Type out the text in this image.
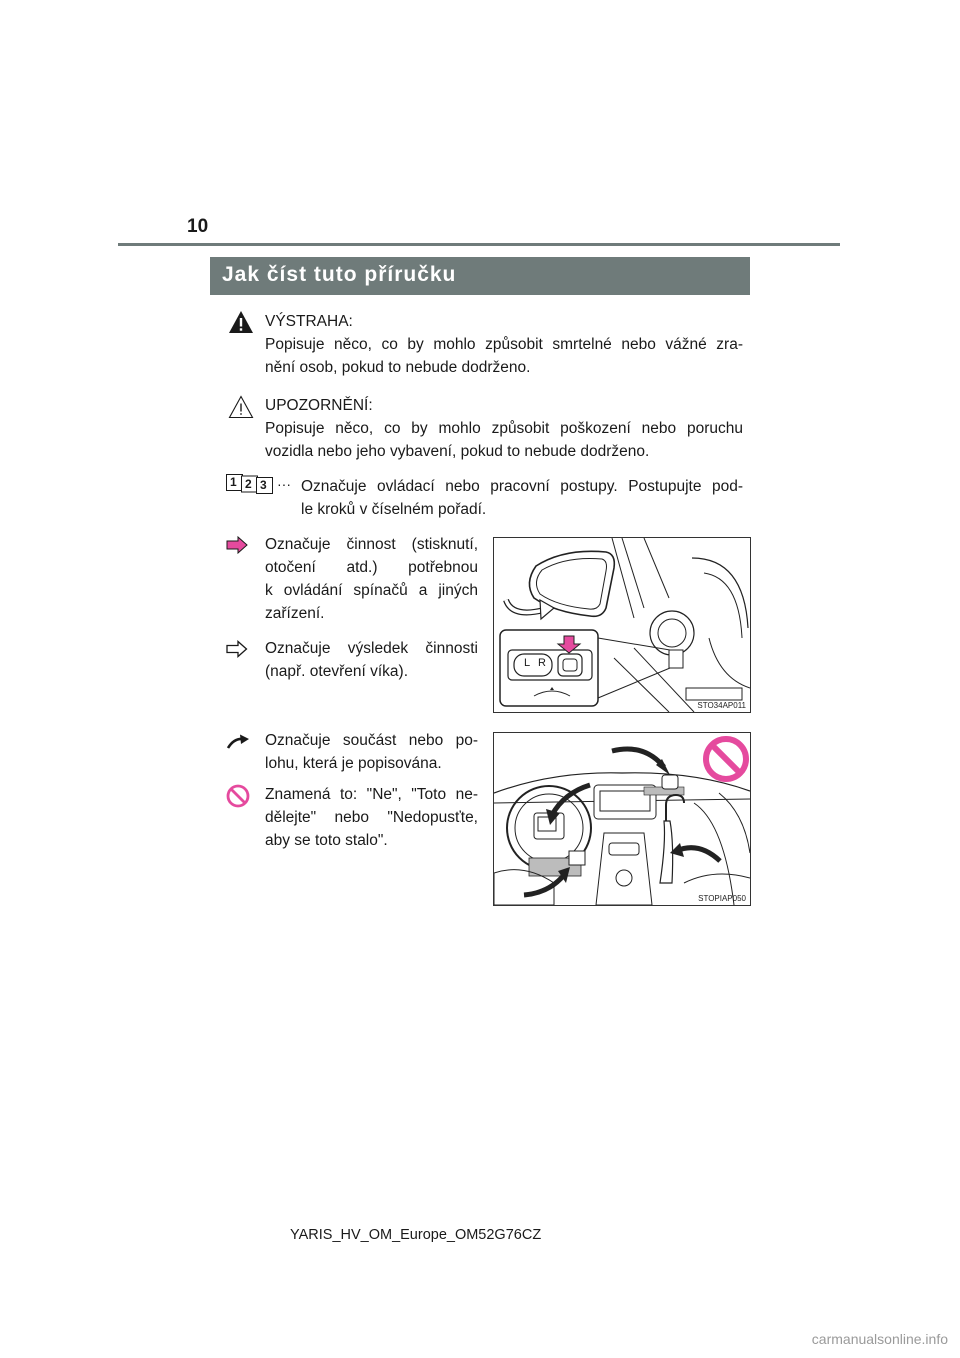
10
Jak číst tuto příručku
VÝSTRAHA:
Popisuje něco, co by mohlo způsobit smrtelné nebo vážné zra-
nění osob, pokud to nebude dodrženo.
UPOZORNĚNÍ:
Popisuje něco, co by mohlo způsobit poškození nebo poruchu
vozidla nebo jeho vybavení, pokud to nebude dodrženo.
1 2 3 ··· Označuje ovládací nebo pracovní postupy. Postupujte pod-
le kroků v číselném pořadí.
Označuje činnost (stisknutí,
otočení atd.) potřebnou
k ovládání spínačů a jiných
zařízení.
Označuje výsledek činnosti
(např. otevření víka).
Označuje součást nebo po-
lohu, která je popisována.
Znamená to: "Ne", "Toto ne-
dělejte" nebo "Nedopusťte,
aby se toto stalo".
L R
STO34AP011
STOPIAP050
YARIS_HV_OM_Europe_OM52G76CZ
carmanualsonline.info
